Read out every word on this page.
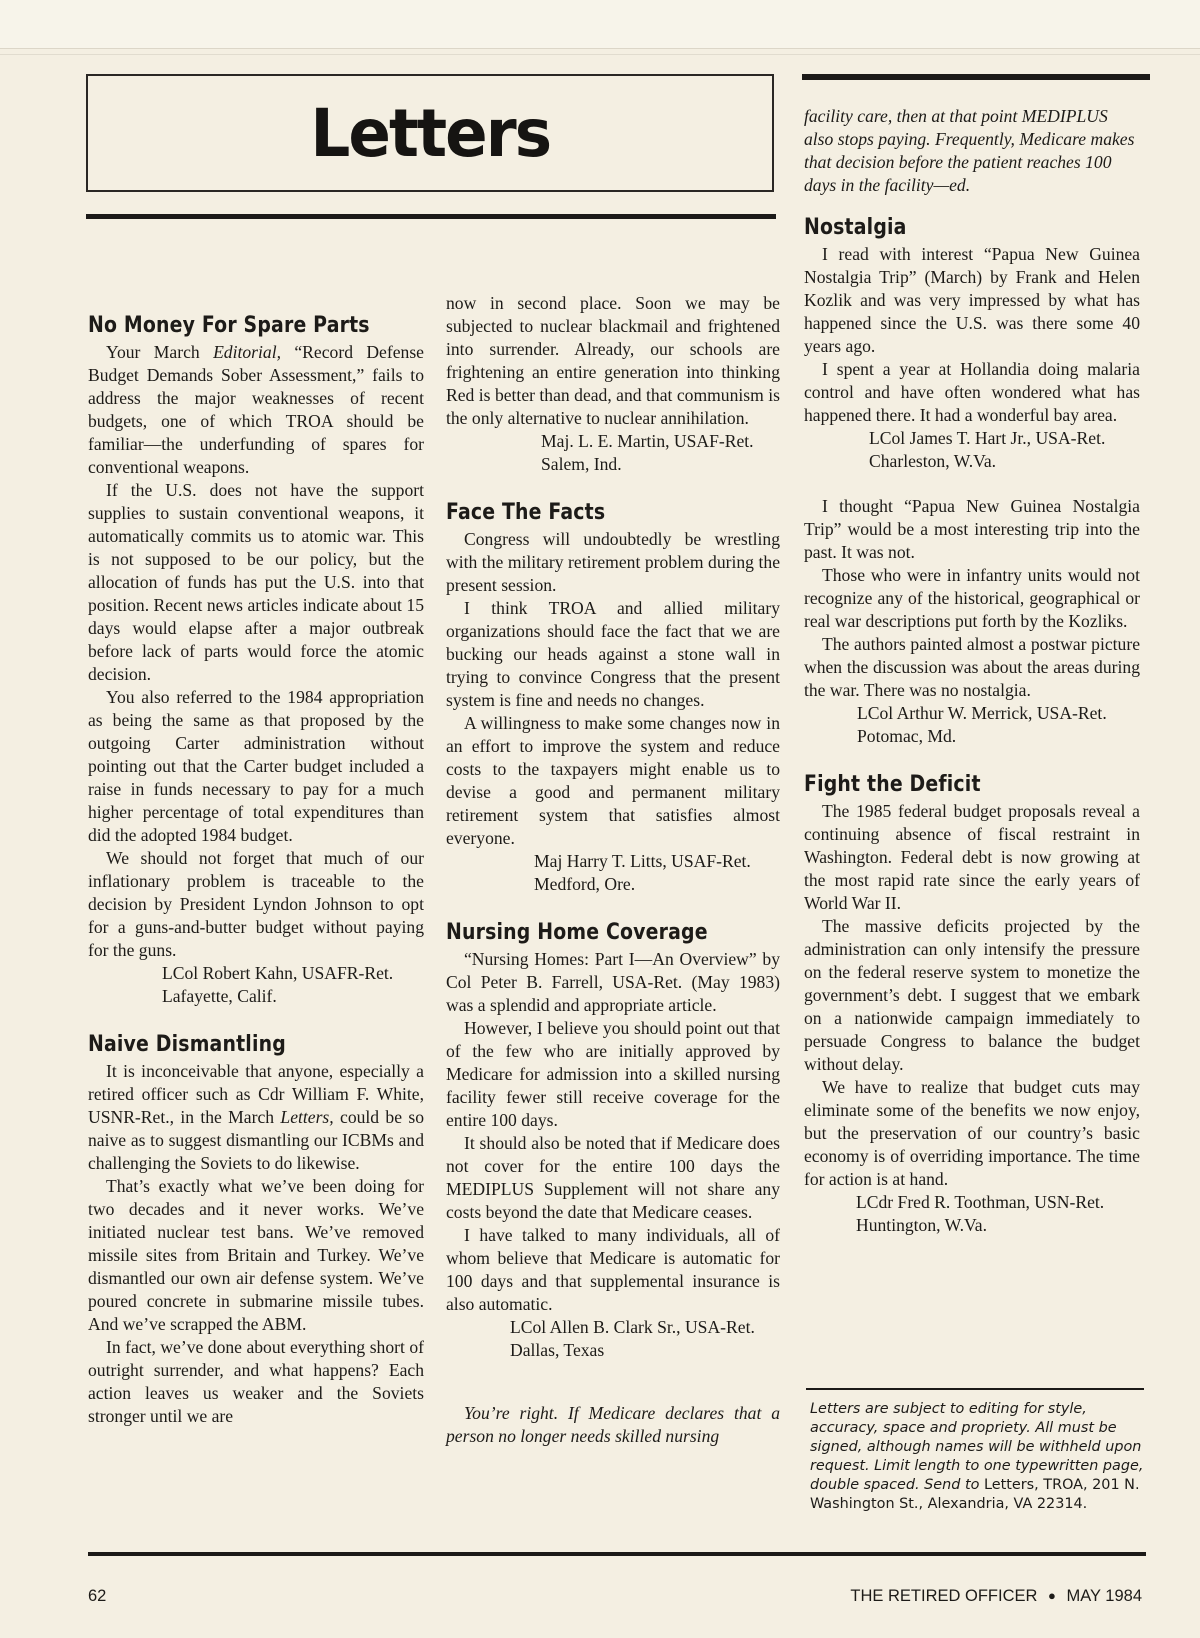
Letters
No Money For Spare Parts

Your March Editorial, “Record Defense Budget Demands Sober Assessment,” fails to address the major weaknesses of recent budgets, one of which TROA should be familiar—the underfunding of spares for conventional weapons.

If the U.S. does not have the support supplies to sustain conventional weapons, it automatically commits us to atomic war. This is not supposed to be our policy, but the allocation of funds has put the U.S. into that position. Recent news articles indicate about 15 days would elapse after a major outbreak before lack of parts would force the atomic decision.

You also referred to the 1984 appropriation as being the same as that proposed by the outgoing Carter administration without pointing out that the Carter budget included a raise in funds necessary to pay for a much higher percentage of total expenditures than did the adopted 1984 budget.

We should not forget that much of our inflationary problem is traceable to the decision by President Lyndon Johnson to opt for a guns-and-butter budget without paying for the guns.

LCol Robert Kahn, USAFR-Ret.

Lafayette, Calif.

Naive Dismantling

It is inconceivable that anyone, especially a retired officer such as Cdr William F. White, USNR-Ret., in the March Letters, could be so naive as to suggest dismantling our ICBMs and challenging the Soviets to do likewise.

That’s exactly what we’ve been doing for two decades and it never works. We’ve initiated nuclear test bans. We’ve removed missile sites from Britain and Turkey. We’ve dismantled our own air defense system. We’ve poured concrete in submarine missile tubes. And we’ve scrapped the ABM.

In fact, we’ve done about everything short of outright surrender, and what happens? Each action leaves us weaker and the Soviets stronger until we are

now in second place. Soon we may be subjected to nuclear blackmail and frightened into surrender. Already, our schools are frightening an entire generation into thinking Red is better than dead, and that communism is the only alternative to nuclear annihilation.

Maj. L. E. Martin, USAF-Ret.

Salem, Ind.

Face The Facts

Congress will undoubtedly be wrestling with the military retirement problem during the present session.

I think TROA and allied military organizations should face the fact that we are bucking our heads against a stone wall in trying to convince Congress that the present system is fine and needs no changes.

A willingness to make some changes now in an effort to improve the system and reduce costs to the taxpayers might enable us to devise a good and permanent military retirement system that satisfies almost everyone.

Maj Harry T. Litts, USAF-Ret.

Medford, Ore.

Nursing Home Coverage

“Nursing Homes: Part I—An Overview” by Col Peter B. Farrell, USA-Ret. (May 1983) was a splendid and appropriate article.

However, I believe you should point out that of the few who are initially approved by Medicare for admission into a skilled nursing facility fewer still receive coverage for the entire 100 days.

It should also be noted that if Medicare does not cover for the entire 100 days the MEDIPLUS Supplement will not share any costs beyond the date that Medicare ceases.

I have talked to many individuals, all of whom believe that Medicare is automatic for 100 days and that supplemental insurance is also automatic.

LCol Allen B. Clark Sr., USA-Ret.

Dallas, Texas

You’re right. If Medicare declares that a person no longer needs skilled nursing

facility care, then at that point MEDIPLUS also stops paying. Frequently, Medicare makes that decision before the patient reaches 100 days in the facility—ed.

Nostalgia

I read with interest “Papua New Guinea Nostalgia Trip” (March) by Frank and Helen Kozlik and was very impressed by what has happened since the U.S. was there some 40 years ago.

I spent a year at Hollandia doing malaria control and have often wondered what has happened there. It had a wonderful bay area.

LCol James T. Hart Jr., USA-Ret.

Charleston, W.Va.

I thought “Papua New Guinea Nostalgia Trip” would be a most interesting trip into the past. It was not.

Those who were in infantry units would not recognize any of the historical, geographical or real war descriptions put forth by the Kozliks.

The authors painted almost a postwar picture when the discussion was about the areas during the war. There was no nostalgia.

LCol Arthur W. Merrick, USA-Ret.

Potomac, Md.

Fight the Deficit

The 1985 federal budget proposals reveal a continuing absence of fiscal restraint in Washington. Federal debt is now growing at the most rapid rate since the early years of World War II.

The massive deficits projected by the administration can only intensify the pressure on the federal reserve system to monetize the government’s debt. I suggest that we embark on a nationwide campaign immediately to persuade Congress to balance the budget without delay.

We have to realize that budget cuts may eliminate some of the benefits we now enjoy, but the preservation of our country’s basic economy is of overriding importance. The time for action is at hand.

LCdr Fred R. Toothman, USN-Ret.

Huntington, W.Va.

Letters are subject to editing for style, accuracy, space and propriety. All must be signed, although names will be withheld upon request. Limit length to one typewritten page, double spaced. Send to Letters, TROA, 201 N. Washington St., Alexandria, VA 22314.
62	THE RETIRED OFFICER ● MAY 1984
